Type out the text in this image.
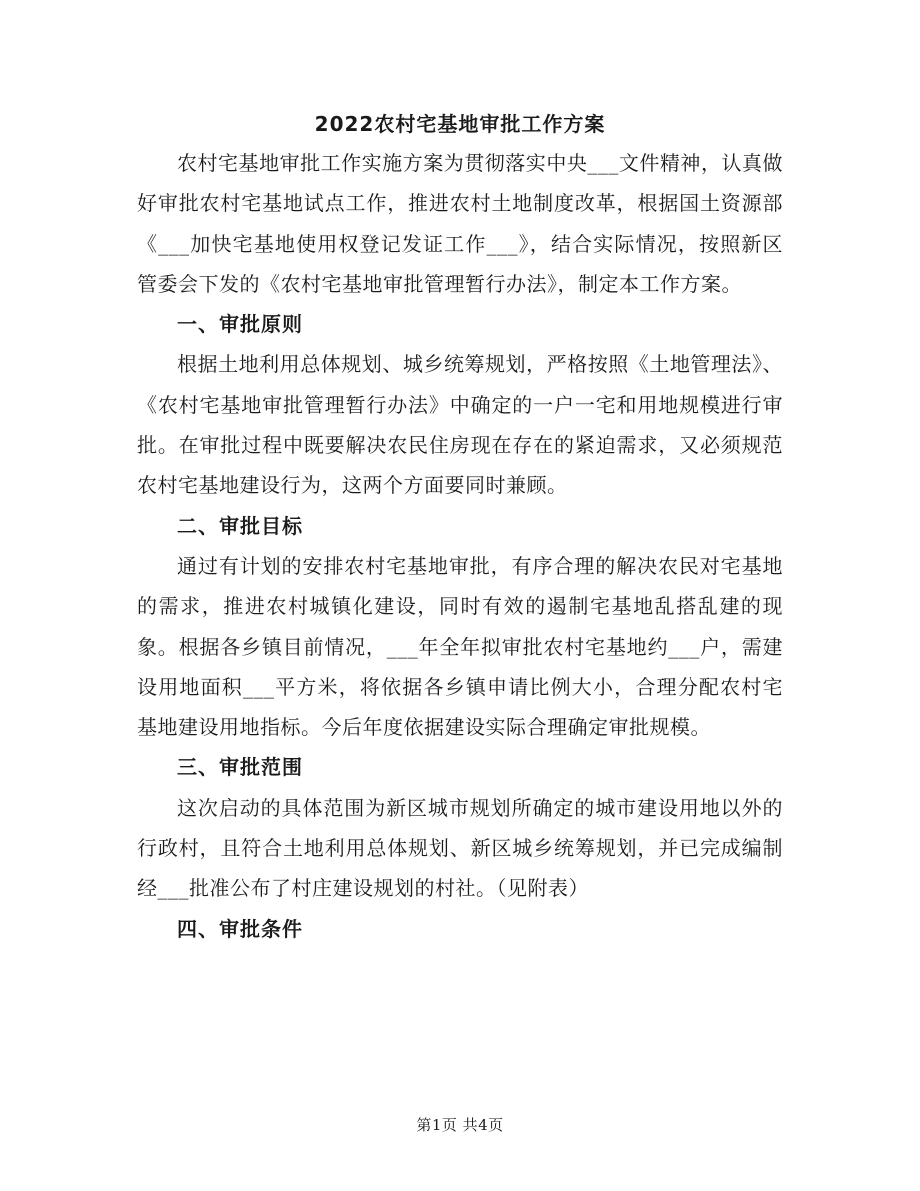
2022农村宅基地审批工作方案

农村宅基地审批工作实施方案为贯彻落实中央___文件精神，认真做好审批农村宅基地试点工作，推进农村土地制度改革，根据国土资源部《___加快宅基地使用权登记发证工作___》，结合实际情况，按照新区管委会下发的《农村宅基地审批管理暂行办法》，制定本工作方案。

一、审批原则

根据土地利用总体规划、城乡统筹规划，严格按照《土地管理法》、《农村宅基地审批管理暂行办法》中确定的一户一宅和用地规模进行审批。在审批过程中既要解决农民住房现在存在的紧迫需求，又必须规范农村宅基地建设行为，这两个方面要同时兼顾。

二、审批目标

通过有计划的安排农村宅基地审批，有序合理的解决农民对宅基地的需求，推进农村城镇化建设，同时有效的遏制宅基地乱搭乱建的现象。根据各乡镇目前情况，___年全年拟审批农村宅基地约___户，需建设用地面积___平方米，将依据各乡镇申请比例大小，合理分配农村宅基地建设用地指标。今后年度依据建设实际合理确定审批规模。

三、审批范围

这次启动的具体范围为新区城市规划所确定的城市建设用地以外的行政村，且符合土地利用总体规划、新区城乡统筹规划，并已完成编制经___批准公布了村庄建设规划的村社。（见附表）

四、审批条件

第1页 共4页
